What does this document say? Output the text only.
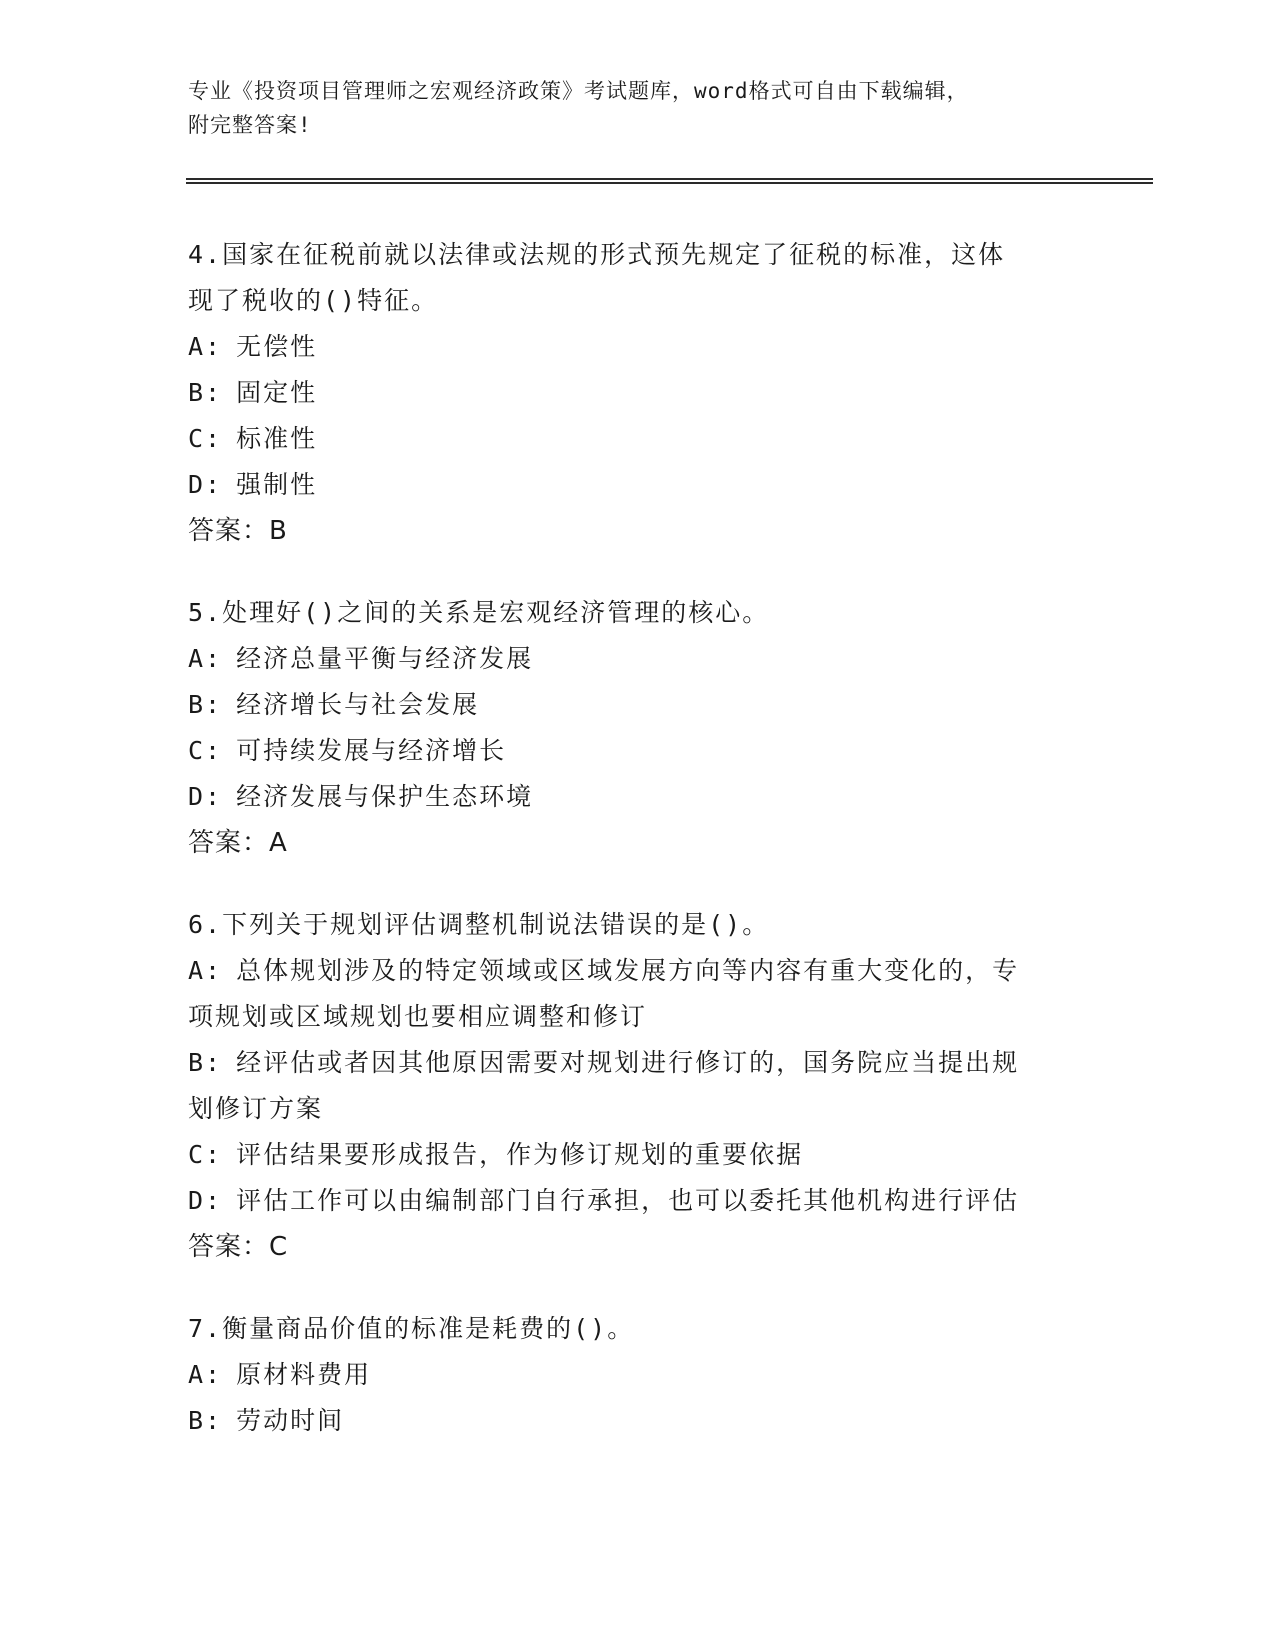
专业《投资项目管理师之宏观经济政策》考试题库，word格式可自由下载编辑，
附完整答案!
4.国家在征税前就以法律或法规的形式预先规定了征税的标准，这体
现了税收的()特征。
A: 无偿性
B: 固定性
C: 标准性
D: 强制性
答案：B
5.处理好()之间的关系是宏观经济管理的核心。
A: 经济总量平衡与经济发展
B: 经济增长与社会发展
C: 可持续发展与经济增长
D: 经济发展与保护生态环境
答案：A
6.下列关于规划评估调整机制说法错误的是()。
A: 总体规划涉及的特定领域或区域发展方向等内容有重大变化的，专
项规划或区域规划也要相应调整和修订
B: 经评估或者因其他原因需要对规划进行修订的，国务院应当提出规
划修订方案
C: 评估结果要形成报告，作为修订规划的重要依据
D: 评估工作可以由编制部门自行承担，也可以委托其他机构进行评估
答案：C
7.衡量商品价值的标准是耗费的()。
A: 原材料费用
B: 劳动时间
